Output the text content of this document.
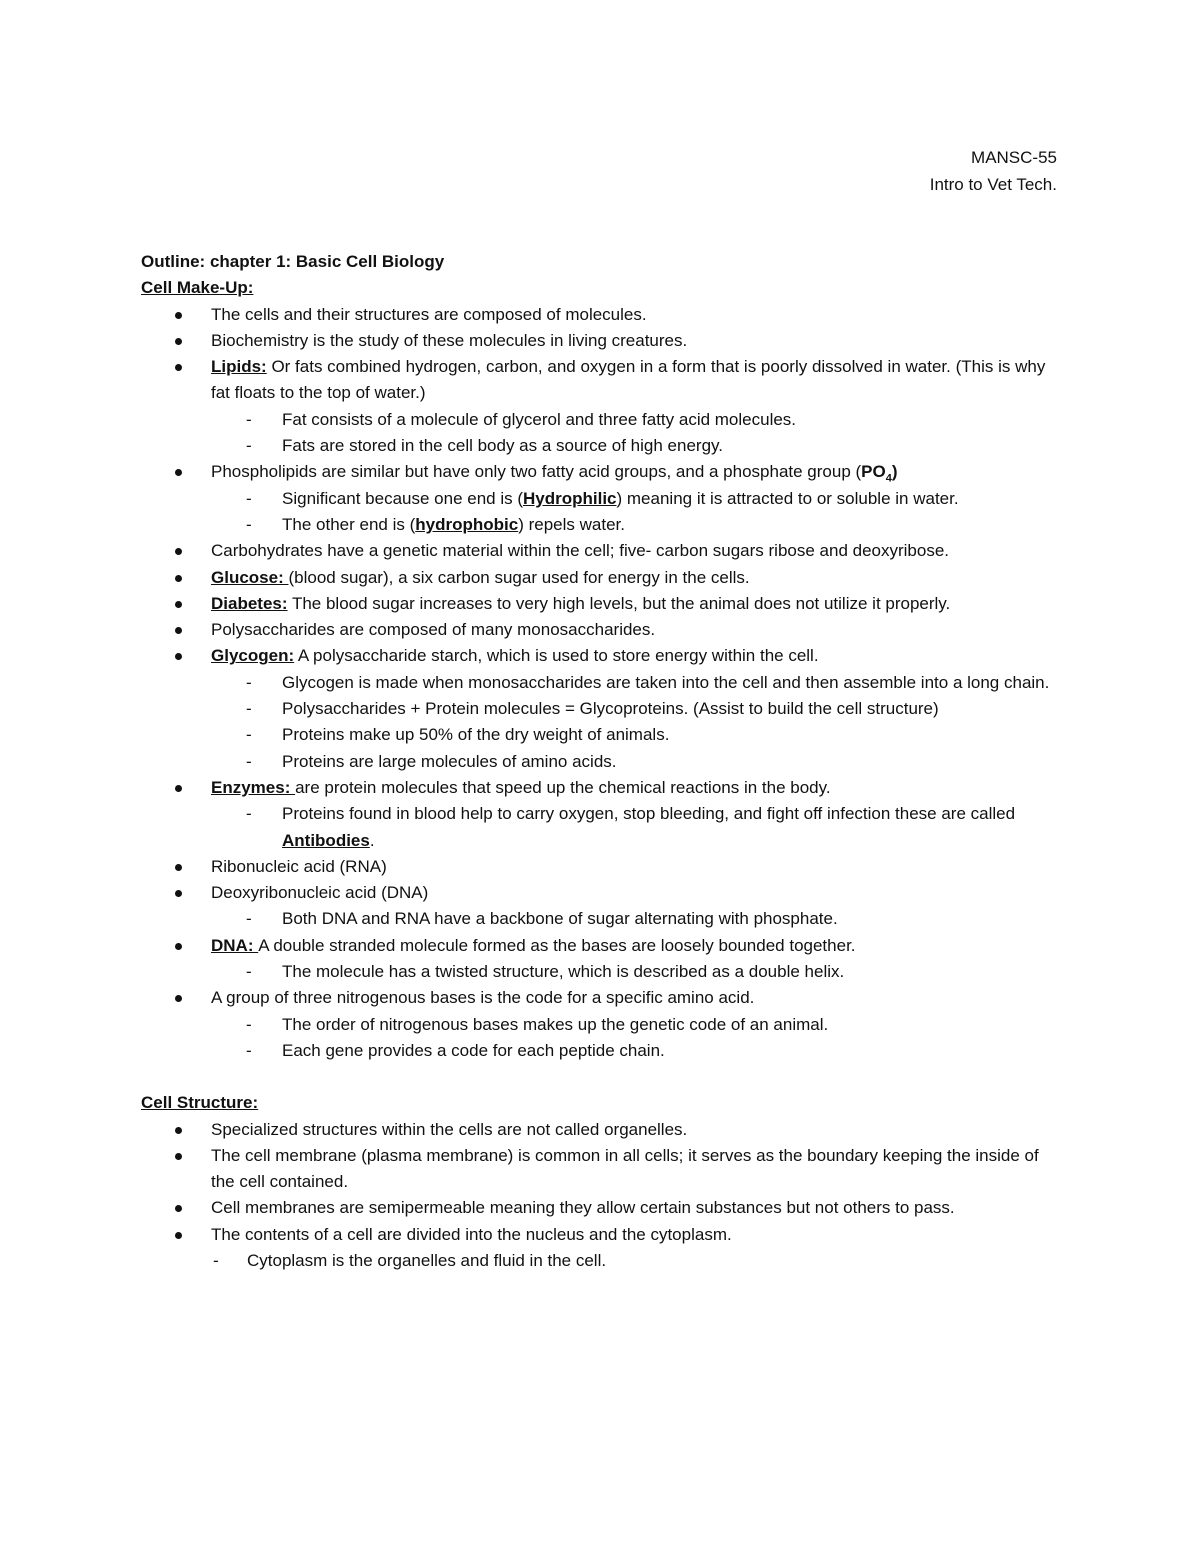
MANSC-55
Intro to Vet Tech.
Outline: chapter 1: Basic Cell Biology
Cell Make-Up:
The cells and their structures are composed of molecules.
Biochemistry is the study of these molecules in living creatures.
Lipids: Or fats combined hydrogen, carbon, and oxygen in a form that is poorly dissolved in water. (This is why fat floats to the top of water.)
- Fat consists of a molecule of glycerol and three fatty acid molecules.
- Fats are stored in the cell body as a source of high energy.
Phospholipids are similar but have only two fatty acid groups, and a phosphate group $(PO_4)$
- Significant because one end is (Hydrophilic) meaning it is attracted to or soluble in water.
- The other end is (hydrophobic) repels water.
Carbohydrates have a genetic material within the cell; five- carbon sugars ribose and deoxyribose.
Glucose: (blood sugar), a six carbon sugar used for energy in the cells.
Diabetes: The blood sugar increases to very high levels, but the animal does not utilize it properly.
Polysaccharides are composed of many monosaccharides.
Glycogen: A polysaccharide starch, which is used to store energy within the cell.
- Glycogen is made when monosaccharides are taken into the cell and then assemble into a long chain.
- Polysaccharides + Protein molecules = Glycoproteins. (Assist to build the cell structure)
- Proteins make up 50% of the dry weight of animals.
- Proteins are large molecules of amino acids.
Enzymes: are protein molecules that speed up the chemical reactions in the body.
- Proteins found in blood help to carry oxygen, stop bleeding, and fight off infection these are called Antibodies.
Ribonucleic acid (RNA)
Deoxyribonucleic acid (DNA)
- Both DNA and RNA have a backbone of sugar alternating with phosphate.
DNA: A double stranded molecule formed as the bases are loosely bounded together.
- The molecule has a twisted structure, which is described as a double helix.
A group of three nitrogenous bases is the code for a specific amino acid.
- The order of nitrogenous bases makes up the genetic code of an animal.
- Each gene provides a code for each peptide chain.
Cell Structure:
Specialized structures within the cells are not called organelles.
The cell membrane (plasma membrane) is common in all cells; it serves as the boundary keeping the inside of the cell contained.
Cell membranes are semipermeable meaning they allow certain substances but not others to pass.
The contents of a cell are divided into the nucleus and the cytoplasm.
- Cytoplasm is the organelles and fluid in the cell.
